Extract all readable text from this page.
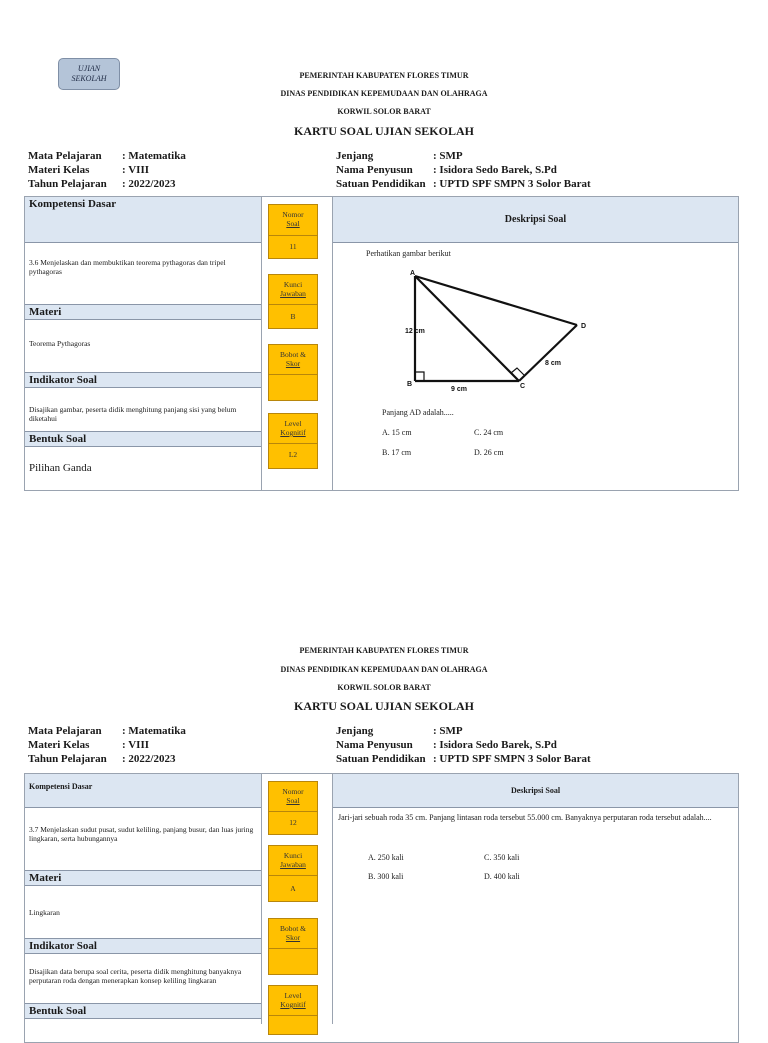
UJIAN
SEKOLAH	PEMERINTAH KABUPATEN FLORES TIMUR
DINAS PENDIDIKAN KEPEMUDAAN DAN OLAHRAGA
KORWIL SOLOR BARAT
KARTU SOAL UJIAN SEKOLAH
Mata Pelajaran : Matematika
Materi Kelas	: VIII
Tahun Pelajaran : 2022/2023
Jenjang	: SMP
Nama Penyusun : Isidora Sedo Barek, S.Pd
Satuan Pendidikan : UPTD SPF SMPN 3 Solor Barat
Kompetensi Dasar
3.6 Menjelaskan dan membuktikan teorema pythagoras dan tripel pythagoras
Materi
Teorema Pythagoras
Indikator Soal
Disajikan gambar, peserta didik menghitung panjang sisi yang belum diketahui
Bentuk Soal
Pilihan Ganda
Nomor
Soal
11
Kunci
Jawaban
B
Bobot &
Skor
Level
Kognitif
L2
Deskripsi Soal
Perhatikan gambar berikut
A
B	C
D
12 cm
9 cm
8 cm
Panjang AD adalah.....
A. 15 cm	C. 24 cm
B. 17 cm	D. 26 cm
PEMERINTAH KABUPATEN FLORES TIMUR
DINAS PENDIDIKAN KEPEMUDAAN DAN OLAHRAGA
KORWIL SOLOR BARAT
KARTU SOAL UJIAN SEKOLAH
Mata Pelajaran : Matematika
Materi Kelas	: VIII
Tahun Pelajaran : 2022/2023
Jenjang	: SMP
Nama Penyusun : Isidora Sedo Barek, S.Pd
Satuan Pendidikan : UPTD SPF SMPN 3 Solor Barat
Kompetensi Dasar
3.7 Menjelaskan sudut pusat, sudut keliling, panjang busur, dan luas juring lingkaran, serta hubungannya
Materi
Lingkaran
Indikator Soal
Disajikan data berupa soal cerita, peserta didik menghitung banyaknya perputaran roda dengan menerapkan konsep keliling lingkaran
Bentuk Soal
Nomor
Soal
12
Kunci
Jawaban
A
Bobot &
Skor
Level
Kognitif
Deskripsi Soal
Jari-jari sebuah roda 35 cm. Panjang lintasan roda tersebut 55.000 cm. Banyaknya perputaran roda tersebut adalah....
A. 250 kali	C. 350 kali
B. 300 kali	D. 400 kali
